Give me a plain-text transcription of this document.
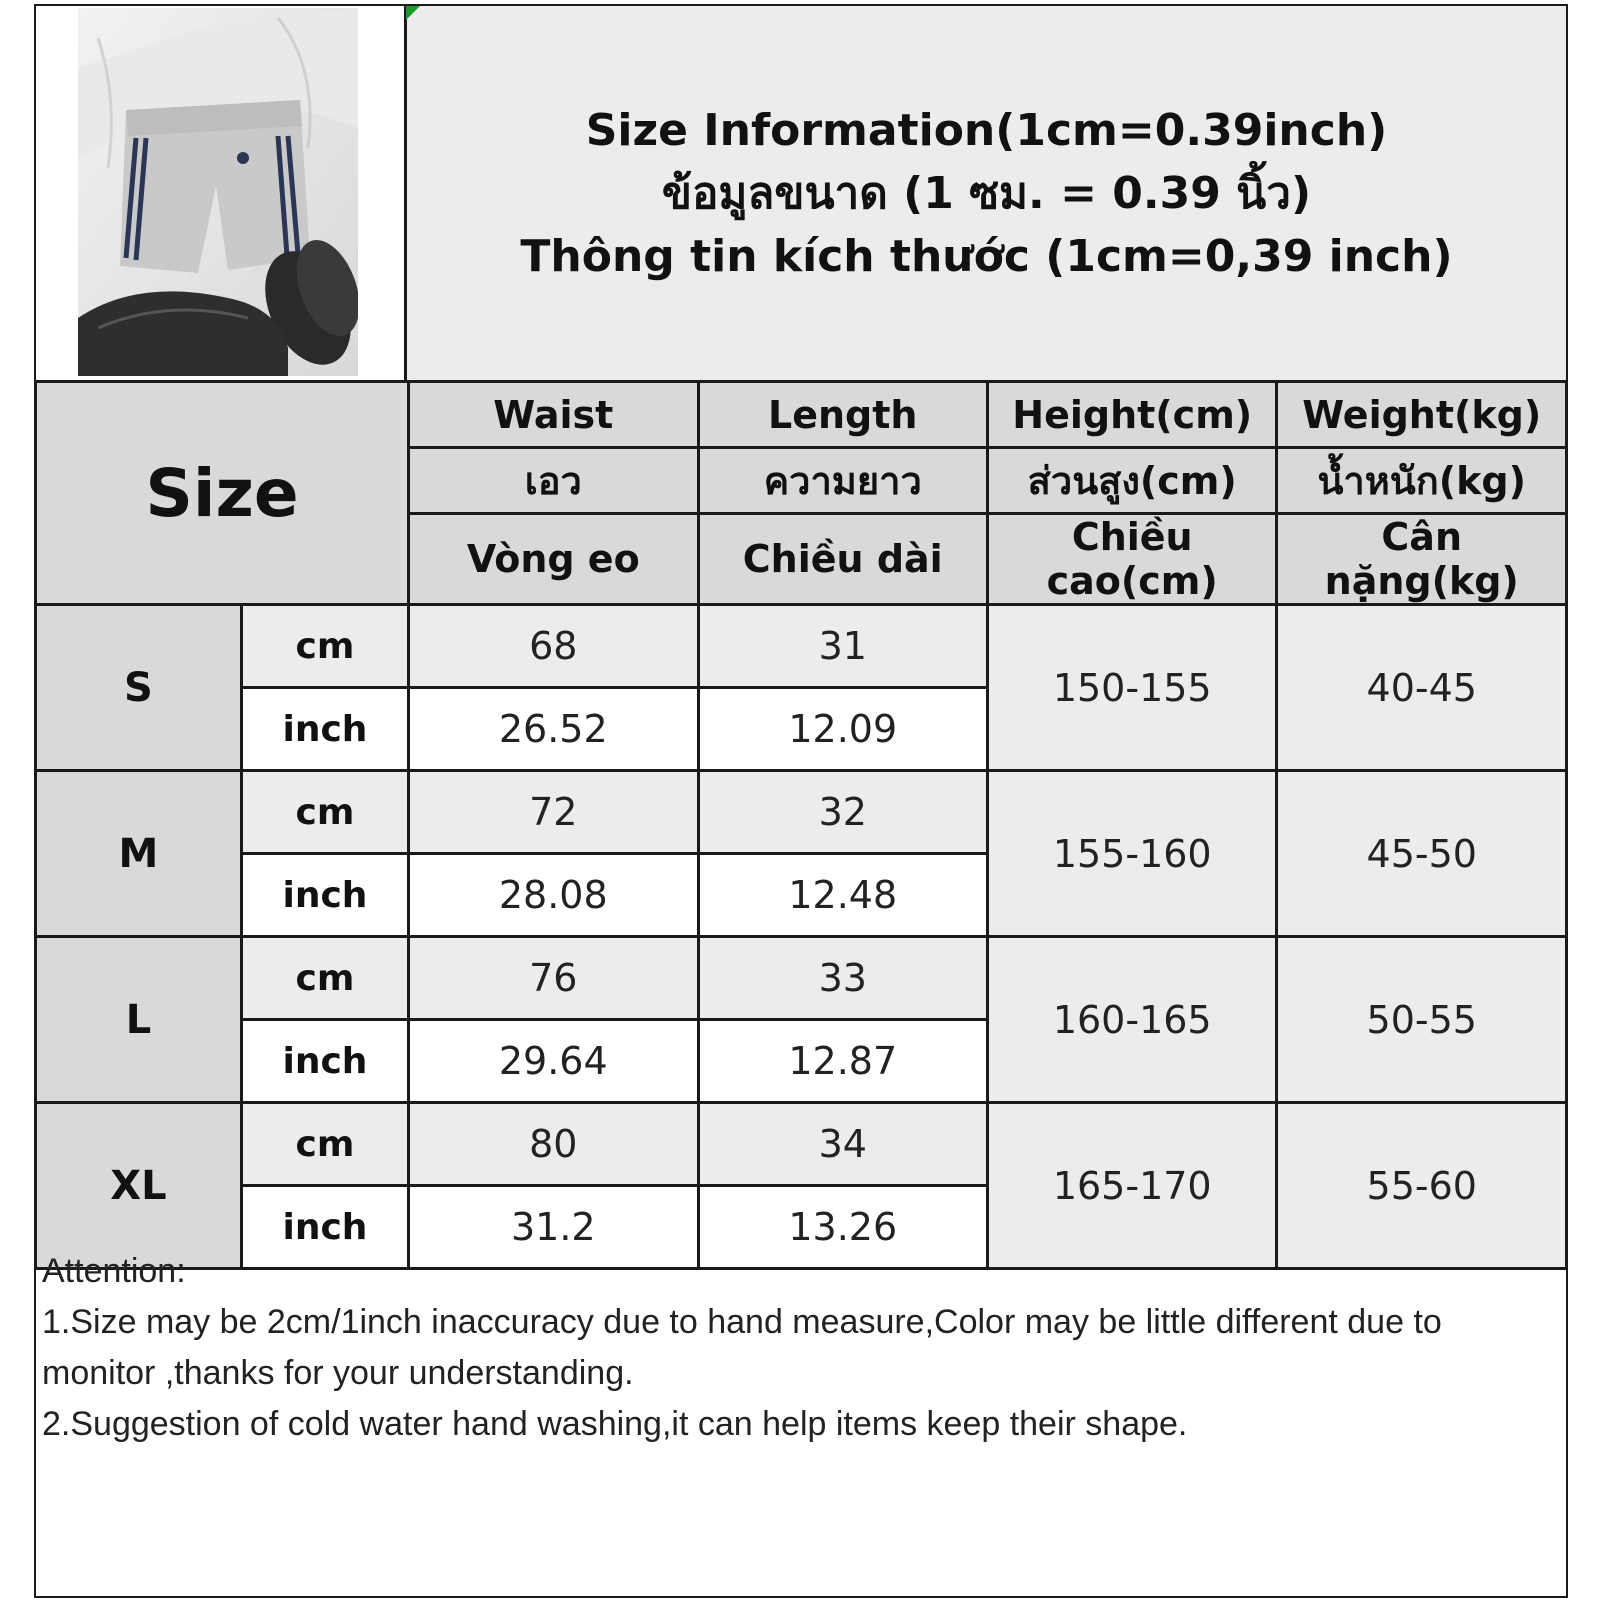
Size Information(1cm=0.39inch)
ข้อมูลขนาด (1 ซม. = 0.39 นิ้ว)
Thông tin kích thước (1cm=0,39 inch)
Size		Waist	Length	Height(cm)	Weight(kg)
		เอว	ความยาว	ส่วนสูง(cm)	น้ำหนัก(kg)
		Vòng eo	Chiều dài	Chiều cao(cm)	Cân nặng(kg)
S	cm	68	31	150-155	40-45
	inch	26.52	12.09		
M	cm	72	32	155-160	45-50
	inch	28.08	12.48		
L	cm	76	33	160-165	50-55
	inch	29.64	12.87		
XL	cm	80	34	165-170	55-60
	inch	31.2	13.26		

Attention:

1.Size may be 2cm/1inch inaccuracy due to hand measure,Color may be little different due to monitor ,thanks for your understanding.

2.Suggestion of cold water hand washing,it can help items keep their shape.
